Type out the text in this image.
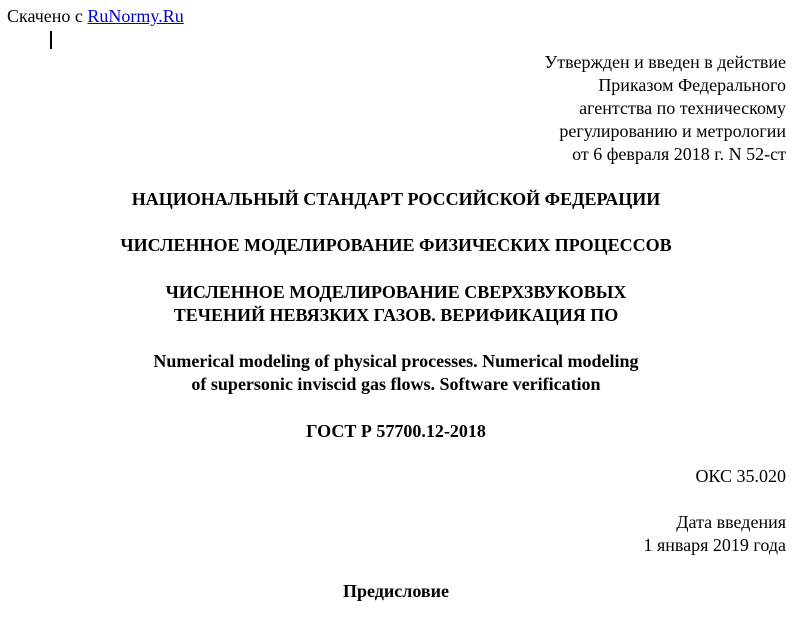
Скачено с RuNormy.Ru
Утвержден и введен в действие
Приказом Федерального
агентства по техническому
регулированию и метрологии
от 6 февраля 2018 г. N 52-ст
НАЦИОНАЛЬНЫЙ СТАНДАРТ РОССИЙСКОЙ ФЕДЕРАЦИИ
ЧИСЛЕННОЕ МОДЕЛИРОВАНИЕ ФИЗИЧЕСКИХ ПРОЦЕССОВ
ЧИСЛЕННОЕ МОДЕЛИРОВАНИЕ СВЕРХЗВУКОВЫХ
ТЕЧЕНИЙ НЕВЯЗКИХ ГАЗОВ. ВЕРИФИКАЦИЯ ПО
Numerical modeling of physical processes. Numerical modeling
of supersonic inviscid gas flows. Software verification
ГОСТ Р 57700.12-2018
ОКС 35.020
Дата введения
1 января 2019 года
Предисловие
